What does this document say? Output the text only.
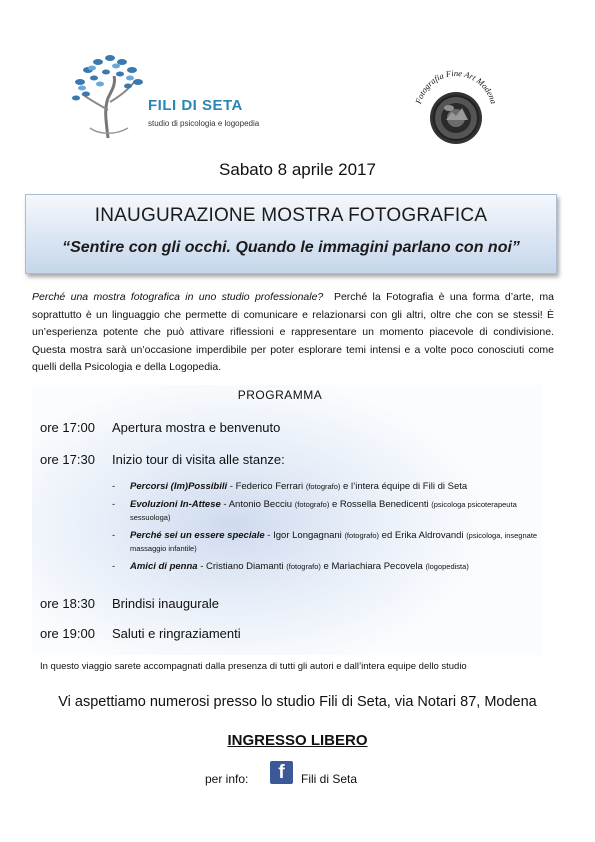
FILI DI SETA
studio di psicologia e logopedia
Fotografia Fine Art Modena
Sabato 8 aprile 2017
INAUGURAZIONE MOSTRA FOTOGRAFICA
“Sentire con gli occhi. Quando le immagini parlano con noi”
Perché una mostra fotografica in uno studio professionale? Perché la Fotografia è una forma d’arte, ma soprattutto è un linguaggio che permette di comunicare e relazionarsi con gli altri, oltre che con se stessi! È un’esperienza potente che può attivare riflessioni e rappresentare un momento piacevole di condivisione. Questa mostra sarà un’occasione imperdibile per poter esplorare temi intensi e a volte poco conosciuti come quelli della Psicologia e della Logopedia.
PROGRAMMA
ore 17:00 Apertura mostra e benvenuto
ore 17:30 Inizio tour di visita alle stanze:
- Percorsi (Im)Possibili - Federico Ferrari (fotografo) e l’intera équipe di Fili di Seta
- Evoluzioni In-Attese - Antonio Becciu (fotografo) e Rossella Benedicenti (psicologa psicoterapeuta sessuologa)
- Perché sei un essere speciale - Igor Longagnani (fotografo) ed Erika Aldrovandi (psicologa, insegnate massaggio infantile)
- Amici di penna - Cristiano Diamanti (fotografo) e Mariachiara Pecovela (logopedista)
ore 18:30 Brindisi inaugurale
ore 19:00 Saluti e ringraziamenti
In questo viaggio sarete accompagnati dalla presenza di tutti gli autori e dall’intera equipe dello studio
Vi aspettiamo numerosi presso lo studio Fili di Seta, via Notari 87, Modena
INGRESSO LIBERO
per info:	f	Fili di Seta
